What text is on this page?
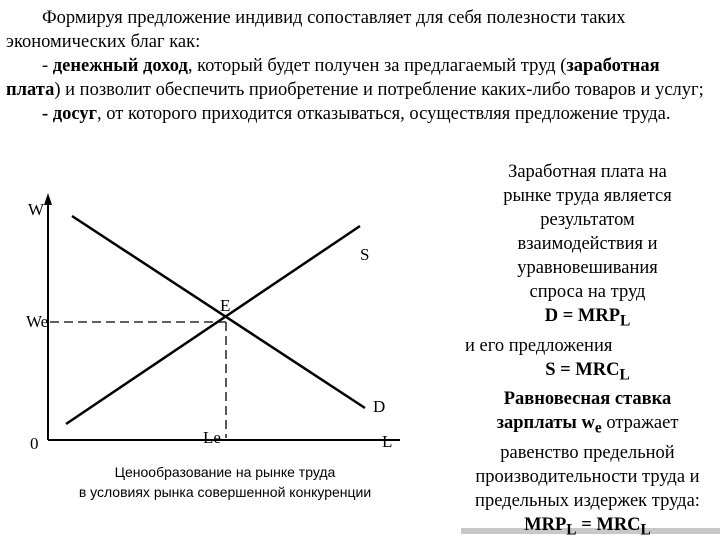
Формируя предложение индивид сопоставляет для себя полезности таких экономических благ как:

- денежный доход, который будет получен за предлагаемый труд (заработная плата) и позволит обеспечить приобретение и потребление каких-либо товаров и услуг;

- досуг, от которого приходится отказываться, осуществляя предложение труда.

W
L
0
S
D
E
We
Le
Ценообразование на рынке труда
в условиях рынка совершенной конкуренции
Заработная плата на
рынке труда является
результатом
взаимодействия и
уравновешивания
спроса на труд
$D = MRP_L$
и его предложения
$S = MRC_L$
Равновесная ставка
зарплаты $w_e$ отражает
равенство предельной
производительности труда и
предельных издержек труда:
$MRP_L = MRC_L$
